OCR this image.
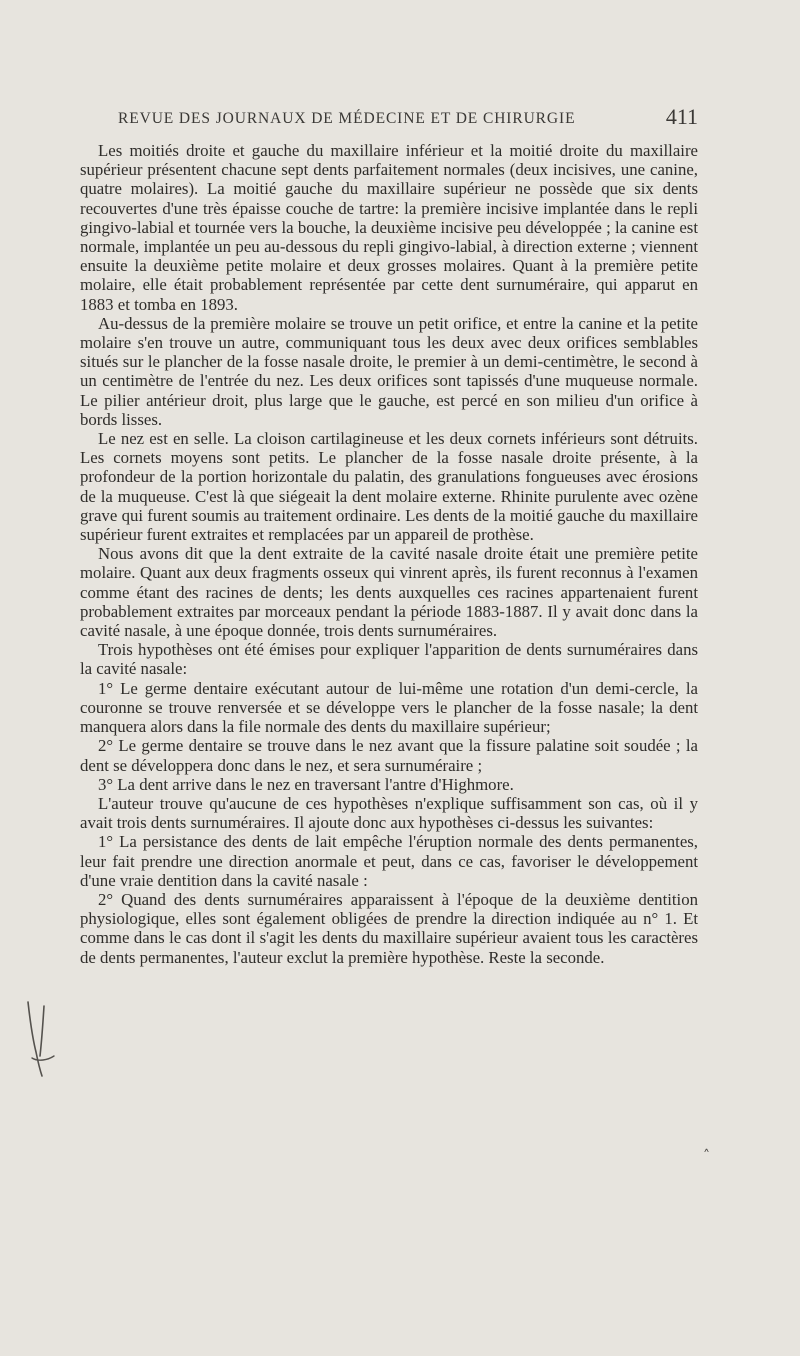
REVUE DES JOURNAUX DE MÉDECINE ET DE CHIRURGIE	411

Les moitiés droite et gauche du maxillaire inférieur et la moitié droite du maxillaire supérieur présentent chacune sept dents parfaitement normales (deux incisives, une canine, quatre molaires). La moitié gauche du maxillaire supérieur ne possède que six dents recouvertes d'une très épaisse couche de tartre: la première incisive implantée dans le repli gingivo-labial et tournée vers la bouche, la deuxième incisive peu développée ; la canine est normale, implantée un peu au-dessous du repli gingivo-labial, à direction externe ; viennent ensuite la deuxième petite molaire et deux grosses molaires. Quant à la première petite molaire, elle était probablement représentée par cette dent surnuméraire, qui apparut en 1883 et tomba en 1893.

Au-dessus de la première molaire se trouve un petit orifice, et entre la canine et la petite molaire s'en trouve un autre, communiquant tous les deux avec deux orifices semblables situés sur le plancher de la fosse nasale droite, le premier à un demi-centimètre, le second à un centimètre de l'entrée du nez. Les deux orifices sont tapissés d'une muqueuse normale. Le pilier antérieur droit, plus large que le gauche, est percé en son milieu d'un orifice à bords lisses.

Le nez est en selle. La cloison cartilagineuse et les deux cornets inférieurs sont détruits. Les cornets moyens sont petits. Le plancher de la fosse nasale droite présente, à la profondeur de la portion horizontale du palatin, des granulations fongueuses avec érosions de la muqueuse. C'est là que siégeait la dent molaire externe. Rhinite purulente avec ozène grave qui furent soumis au traitement ordinaire. Les dents de la moitié gauche du maxillaire supérieur furent extraites et remplacées par un appareil de prothèse.

Nous avons dit que la dent extraite de la cavité nasale droite était une première petite molaire. Quant aux deux fragments osseux qui vinrent après, ils furent reconnus à l'examen comme étant des racines de dents; les dents auxquelles ces racines appartenaient furent probablement extraites par morceaux pendant la période 1883-1887. Il y avait donc dans la cavité nasale, à une époque donnée, trois dents surnuméraires.

Trois hypothèses ont été émises pour expliquer l'apparition de dents surnuméraires dans la cavité nasale:

1° Le germe dentaire exécutant autour de lui-même une rotation d'un demi-cercle, la couronne se trouve renversée et se développe vers le plancher de la fosse nasale; la dent manquera alors dans la file normale des dents du maxillaire supérieur;

2° Le germe dentaire se trouve dans le nez avant que la fissure palatine soit soudée ; la dent se développera donc dans le nez, et sera surnuméraire ;

3° La dent arrive dans le nez en traversant l'antre d'Highmore.

L'auteur trouve qu'aucune de ces hypothèses n'explique suffisamment son cas, où il y avait trois dents surnuméraires. Il ajoute donc aux hypothèses ci-dessus les suivantes:

1° La persistance des dents de lait empêche l'éruption normale des dents permanentes, leur fait prendre une direction anormale et peut, dans ce cas, favoriser le développement d'une vraie dentition dans la cavité nasale :

2° Quand des dents surnuméraires apparaissent à l'époque de la deuxième dentition physiologique, elles sont également obligées de prendre la direction indiquée au n° 1. Et comme dans le cas dont il s'agit les dents du maxillaire supérieur avaient tous les caractères de dents permanentes, l'auteur exclut la première hypothèse. Reste la seconde.

˄
